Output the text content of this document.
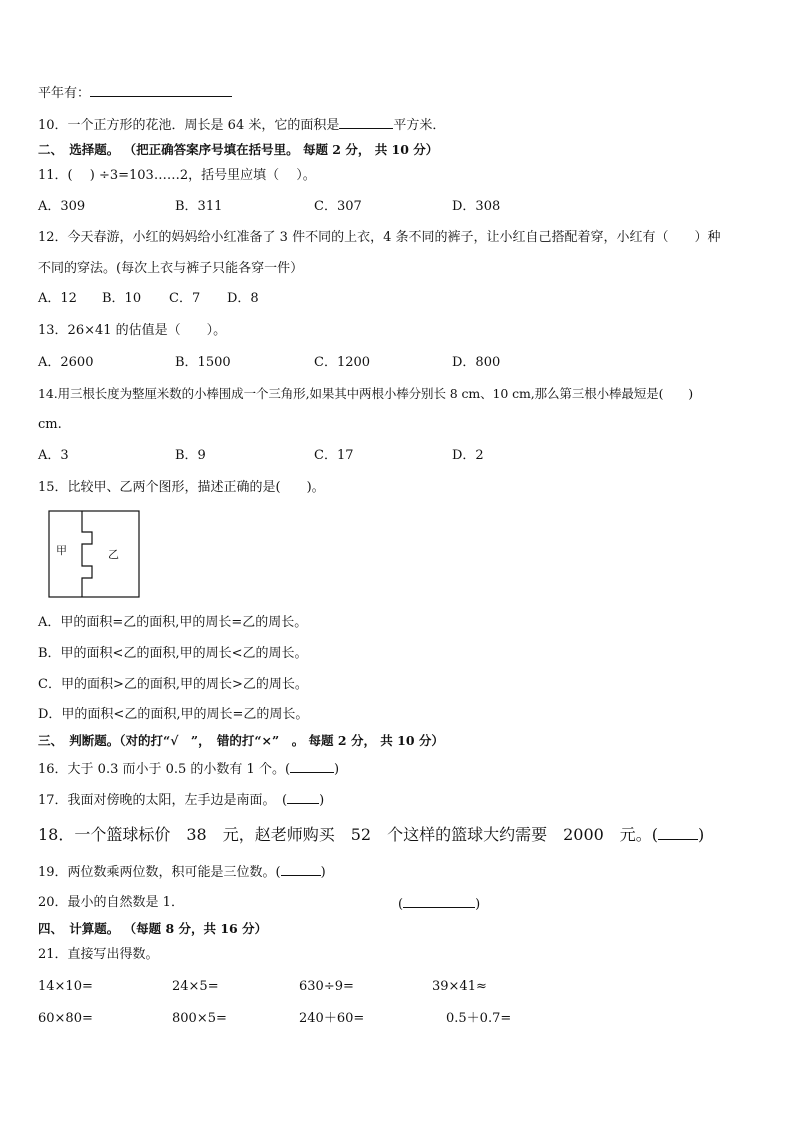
平年有：
10．一个正方形的花池．周长是 64 米，它的面积是	平方米．
二、　选择题。 （把正确答案序号填在括号里。 每题 2 分， 共 10 分）
11．(　 ) ÷3=103……2，括号里应填（　 ）。
A．309	B．311	C．307	D．308
12．今天春游，小红的妈妈给小红准备了 3 件不同的上衣，4 条不同的裤子，让小红自己搭配着穿，小红有（　　）种
不同的穿法。(每次上衣与裤子只能各穿一件）
A．12 B．10 C．7 D．8
13．26×41 的估值是（　　）。
A．2600	B．1500	C．1200	D．800
14.用三根长度为整厘米数的小棒围成一个三角形,如果其中两根小棒分别长 8 cm、10 cm,那么第三根小棒最短是(　　)
cm.
A．3	B．9	C．17	D．2
15．比较甲、乙两个图形，描述正确的是(　　)。
甲	乙
A．甲的面积=乙的面积,甲的周长=乙的周长。
B．甲的面积<乙的面积,甲的周长<乙的周长。
C．甲的面积>乙的面积,甲的周长>乙的周长。
D．甲的面积<乙的面积,甲的周长=乙的周长。
三、　判断题。（对的打“√　”，　错的打“×”　。 每题 2 分， 共 10 分）
16．大于 0.3 而小于 0.5 的小数有 1 个。(	)
17．我面对傍晚的太阳，左手边是南面。　( )
18．一个篮球标价　38　元，赵老师购买　52　个这样的篮球大约需要　2000　元。(	)
19．两位数乘两位数，积可能是三位数。(	)
20．最小的自然数是 1．	(	)
四、　计算题。 （每题 8 分，共 16 分）
21．直接写出得数。
14×10=	24×5=	630÷9=	39×41≈
60×80=	800×5=	240＋60=	0.5＋0.7=
